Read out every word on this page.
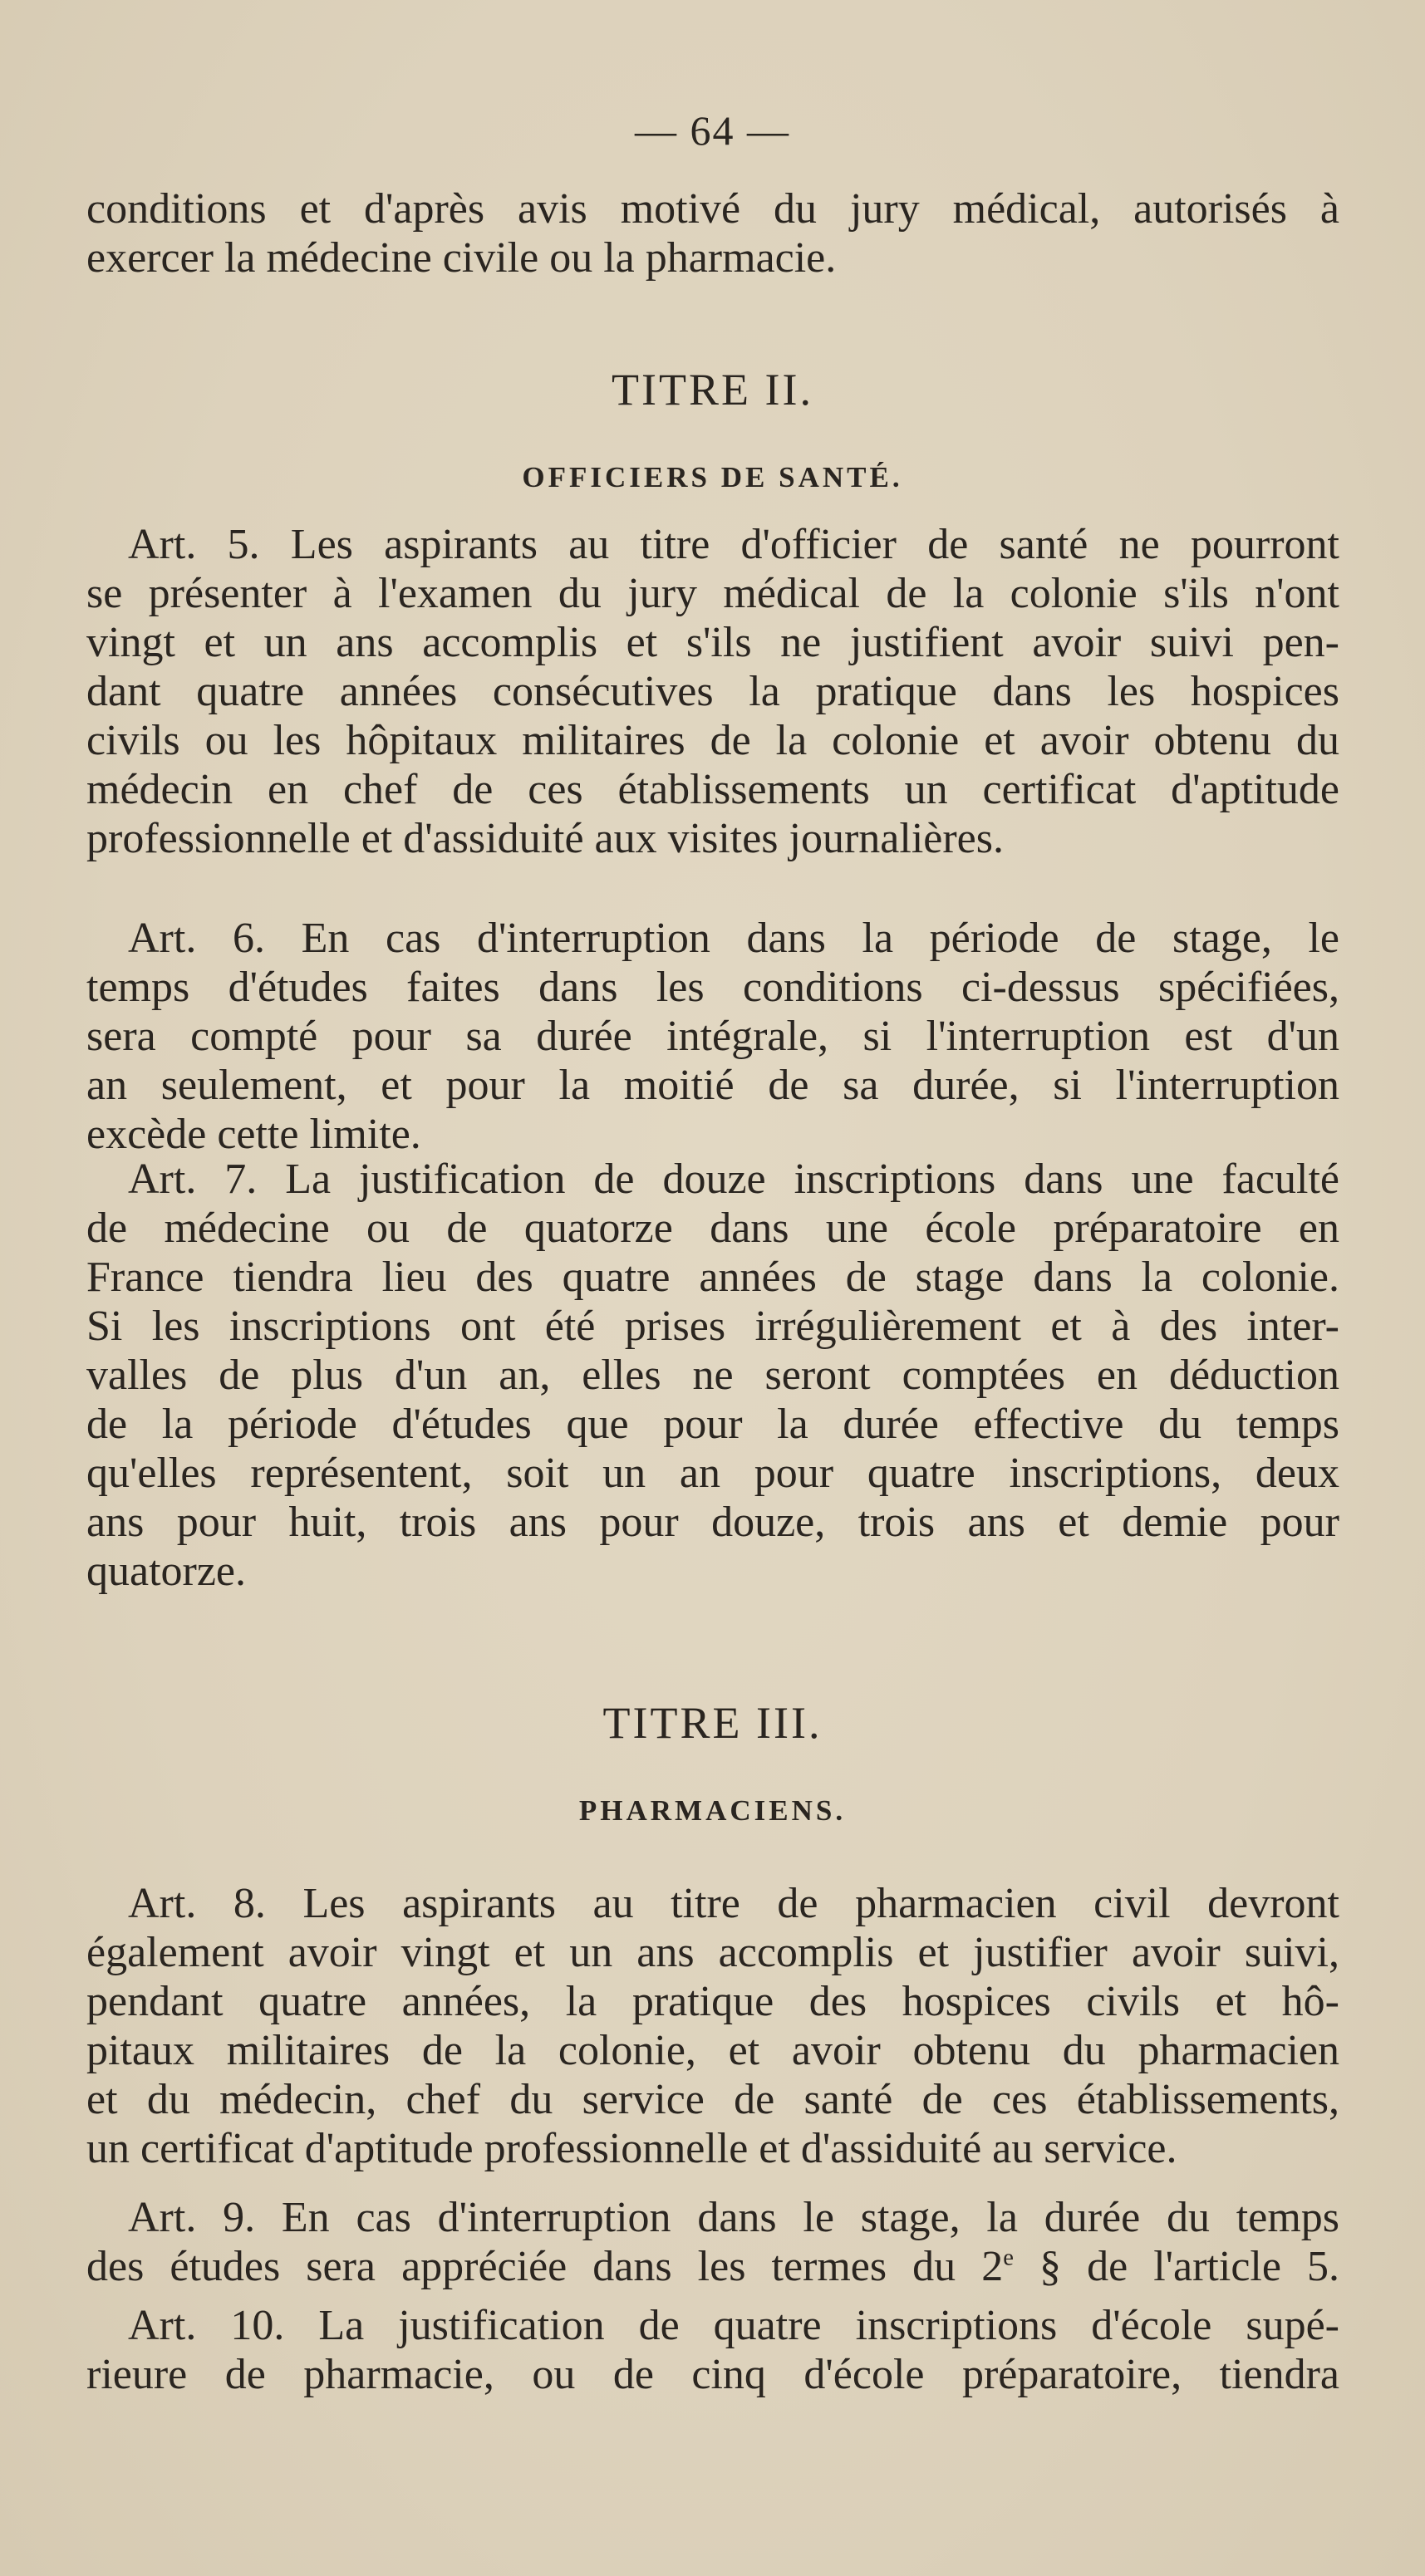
— 64 —
conditions et d'après avis motivé du jury médical, autorisés à
exercer la médecine civile ou la pharmacie.
TITRE II.
OFFICIERS DE SANTÉ.
Art. 5. Les aspirants au titre d'officier de santé ne pourront
se présenter à l'examen du jury médical de la colonie s'ils n'ont
vingt et un ans accomplis et s'ils ne justifient avoir suivi pen-
dant quatre années consécutives la pratique dans les hospices
civils ou les hôpitaux militaires de la colonie et avoir obtenu du
médecin en chef de ces établissements un certificat d'aptitude
professionnelle et d'assiduité aux visites journalières.
Art. 6. En cas d'interruption dans la période de stage, le
temps d'études faites dans les conditions ci-dessus spécifiées,
sera compté pour sa durée intégrale, si l'interruption est d'un
an seulement, et pour la moitié de sa durée, si l'interruption
excède cette limite.
Art. 7. La justification de douze inscriptions dans une faculté
de médecine ou de quatorze dans une école préparatoire en
France tiendra lieu des quatre années de stage dans la colonie.
Si les inscriptions ont été prises irrégulièrement et à des inter-
valles de plus d'un an, elles ne seront comptées en déduction
de la période d'études que pour la durée effective du temps
qu'elles représentent, soit un an pour quatre inscriptions, deux
ans pour huit, trois ans pour douze, trois ans et demie pour
quatorze.
TITRE III.
PHARMACIENS.
Art. 8. Les aspirants au titre de pharmacien civil devront
également avoir vingt et un ans accomplis et justifier avoir suivi,
pendant quatre années, la pratique des hospices civils et hô-
pitaux militaires de la colonie, et avoir obtenu du pharmacien
et du médecin, chef du service de santé de ces établissements,
un certificat d'aptitude professionnelle et d'assiduité au service.
Art. 9. En cas d'interruption dans le stage, la durée du temps
des études sera appréciée dans les termes du 2e § de l'article 5.
Art. 10. La justification de quatre inscriptions d'école supé-
rieure de pharmacie, ou de cinq d'école préparatoire, tiendra
